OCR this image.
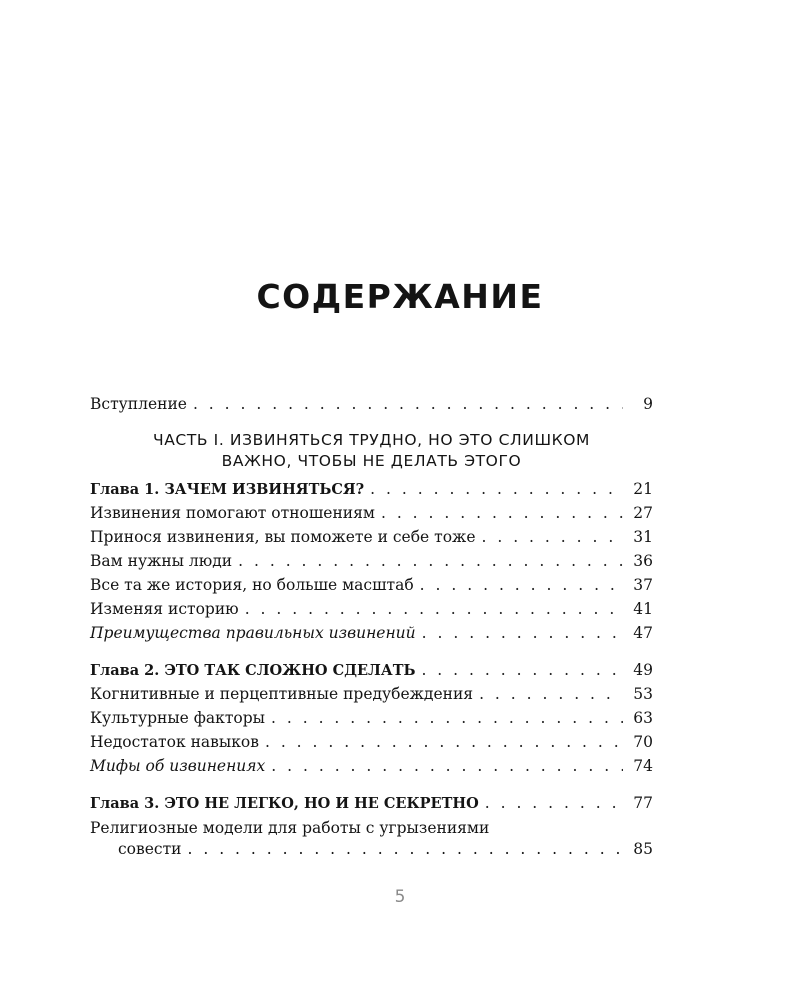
СОДЕРЖАНИЕ
Вступление . . .	9

ЧАСТЬ I. ИЗВИНЯТЬСЯ ТРУДНО, НО ЭТО СЛИШКОМ

ВАЖНО, ЧТОБЫ НЕ ДЕЛАТЬ ЭТОГО

Глава 1. ЗАЧЕМ ИЗВИНЯТЬСЯ? . . .	21
Извинения помогают отношениям . . .	27
Принося извинения, вы поможете и себе тоже . . .	31
Вам нужны люди . . .	36
Все та же история, но больше масштаб . . .	37
Изменяя историю . . .	41
Преимущества правильных извинений . . .	47
Глава 2. ЭТО ТАК СЛОЖНО СДЕЛАТЬ . . .	49
Когнитивные и перцептивные предубеждения . . .	53
Культурные факторы . . .	63
Недостаток навыков . . .	70
Мифы об извинениях . . .	74
Глава 3. ЭТО НЕ ЛЕГКО, НО И НЕ СЕКРЕТНО . . .	77
Религиозные модели для работы с угрызениями
совести . . .	85
5
